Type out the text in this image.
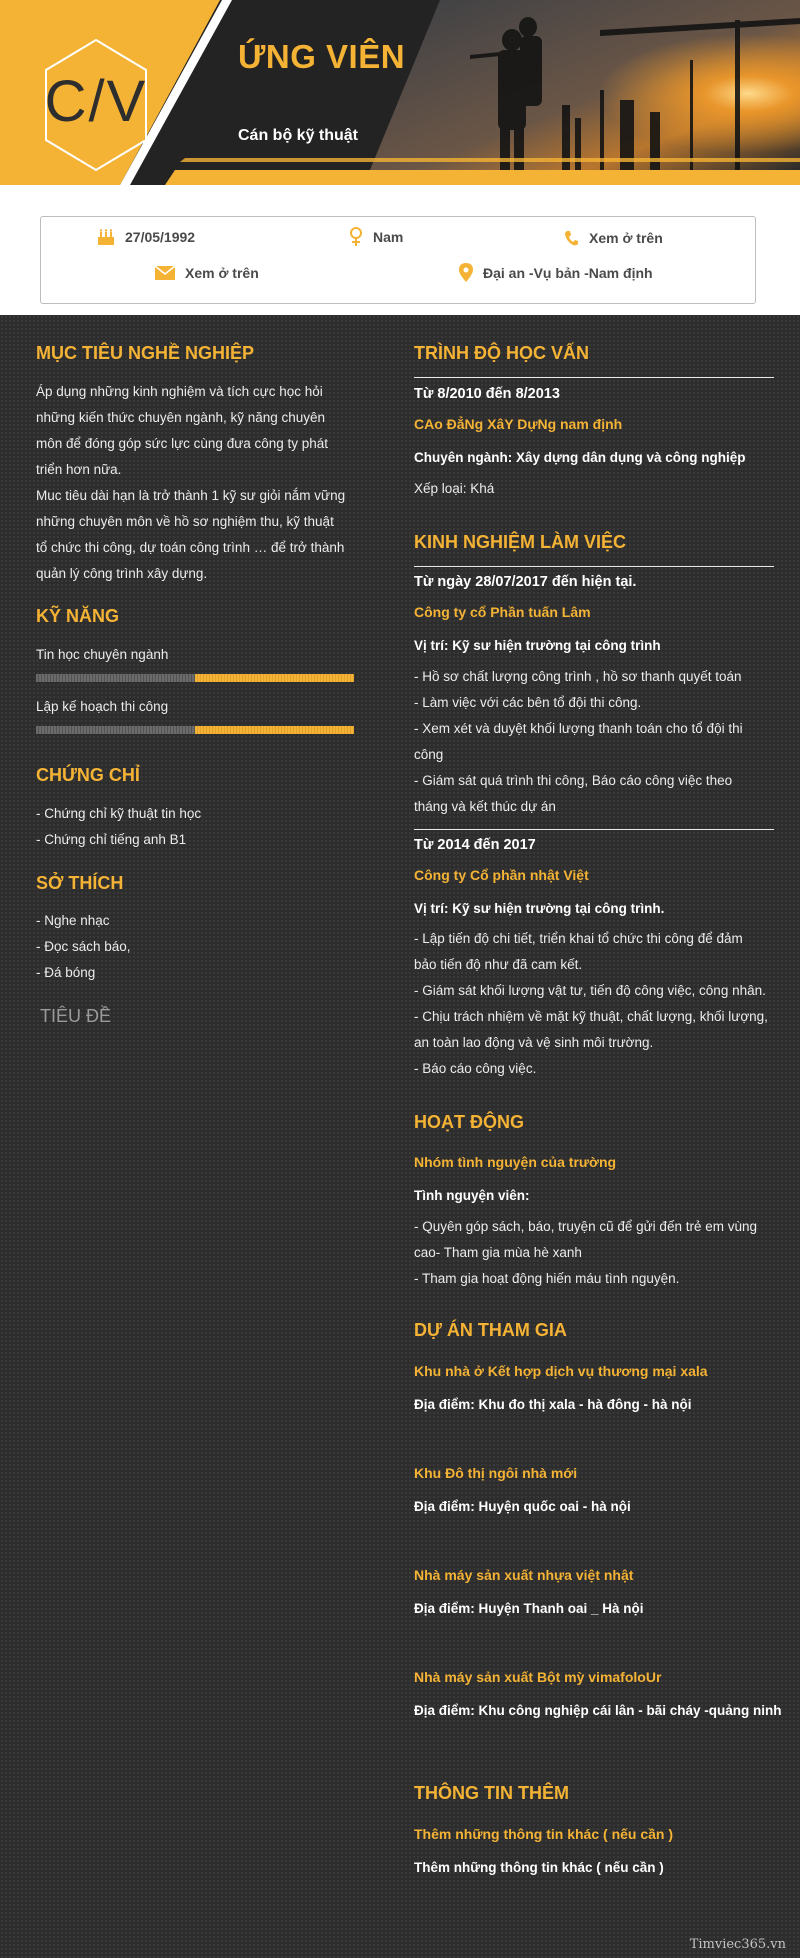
C/V
ỨNG VIÊN
Cán bộ kỹ thuật
27/05/1992	Nam	Xem ở trên
Xem ở trên	Đại an -Vụ bản -Nam định
MỤC TIÊU NGHỀ NGHIỆP
Áp dụng những kinh nghiệm và tích cực học hỏi
những kiến thức chuyên ngành, kỹ năng chuyên
môn để đóng góp sức lực cùng đưa công ty phát
triển hơn nữa.
Muc tiêu dài hạn là trở thành 1 kỹ sư giỏi nắm vững
những chuyên môn về hồ sơ nghiệm thu, kỹ thuật
tổ chức thi công, dự toán công trình … để trở thành
quản lý công trình xây dựng.
KỸ NĂNG
Tin học chuyên ngành
Lập kế hoạch thi công
CHỨNG CHỈ
- Chứng chỉ kỹ thuật tin học
- Chứng chỉ tiếng anh B1
SỞ THÍCH
- Nghe nhạc
- Đọc sách báo,
- Đá bóng
TIÊU ĐỀ
TRÌNH ĐỘ HỌC VẤN
Từ 8/2010 đến 8/2013
CAo ĐẳNg XâY DựNg nam định
Chuyên ngành: Xây dựng dân dụng và công nghiệp
Xếp loại: Khá
KINH NGHIỆM LÀM VIỆC
Từ ngày 28/07/2017 đến hiện tại.
Công ty cổ Phần tuấn Lâm
Vị trí: Kỹ sư hiện trường tại công trình
- Hồ sơ chất lượng công trình , hồ sơ thanh quyết toán
- Làm việc với các bên tổ đội thi công.
- Xem xét và duyệt khối lượng thanh toán cho tổ đội thi
công
- Giám sát quá trình thi công, Báo cáo công việc theo
tháng và kết thúc dự án
Từ 2014 đến 2017
Công ty Cổ phần nhật Việt
Vị trí: Kỹ sư hiện trường tại công trình.
- Lập tiến độ chi tiết, triển khai tổ chức thi công để đảm
bảo tiến độ như đã cam kết.
- Giám sát khối lượng vật tư, tiến độ công việc, công nhân.
- Chịu trách nhiệm về mặt kỹ thuật, chất lượng, khối lượng,
an toàn lao động và vệ sinh môi trường.
- Báo cáo công việc.
HOẠT ĐỘNG
Nhóm tình nguyện của trường
Tình nguyện viên:
- Quyên góp sách, báo, truyện cũ để gửi đến trẻ em vùng
cao- Tham gia mùa hè xanh
- Tham gia hoạt động hiến máu tình nguyện.
DỰ ÁN THAM GIA
Khu nhà ở Kết hợp dịch vụ thương mại xala
Địa điểm: Khu đo thị xala - hà đông - hà nội
Khu Đô thị ngôi nhà mới
Địa điểm: Huyện quốc oai - hà nội
Nhà máy sản xuất nhựa việt nhật
Địa điểm: Huyện Thanh oai _ Hà nội
Nhà máy sản xuất Bột mỳ vimafoloUr
Địa điểm: Khu công nghiệp cái lân - bãi cháy -quảng ninh
THÔNG TIN THÊM
Thêm những thông tin khác ( nếu cần )
Thêm những thông tin khác ( nếu cần )
Timviec365.vn
